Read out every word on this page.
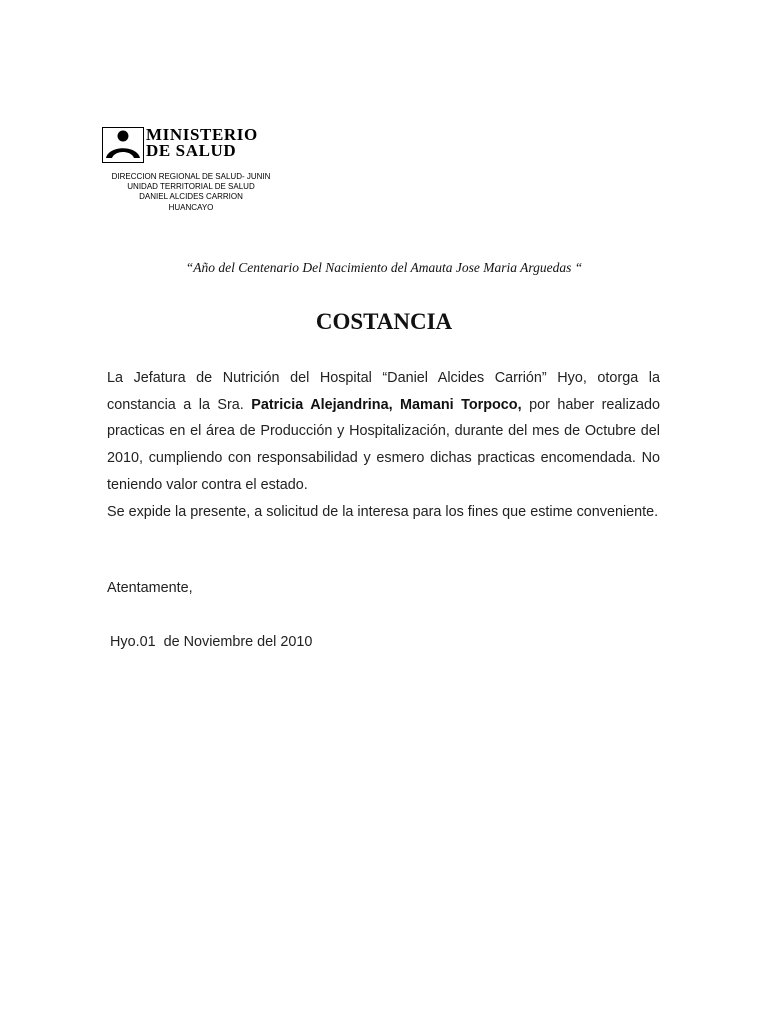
MINISTERIO
DE SALUD
DIRECCION REGIONAL DE SALUD- JUNIN
UNIDAD TERRITORIAL DE SALUD
DANIEL ALCIDES CARRION
HUANCAYO
“Año del Centenario Del Nacimiento del Amauta Jose Maria Arguedas “
COSTANCIA

La Jefatura de Nutrición del Hospital “Daniel Alcides Carrión” Hyo, otorga la constancia a la Sra. Patricia Alejandrina, Mamani Torpoco, por haber realizado practicas en el área de Producción y Hospitalización, durante del mes de Octubre del 2010, cumpliendo con responsabilidad y esmero dichas practicas encomendada. No teniendo valor contra el estado.

Se expide la presente, a solicitud de la interesa para los fines que estime conveniente.

Atentamente,
Hyo.01  de Noviembre del 2010
